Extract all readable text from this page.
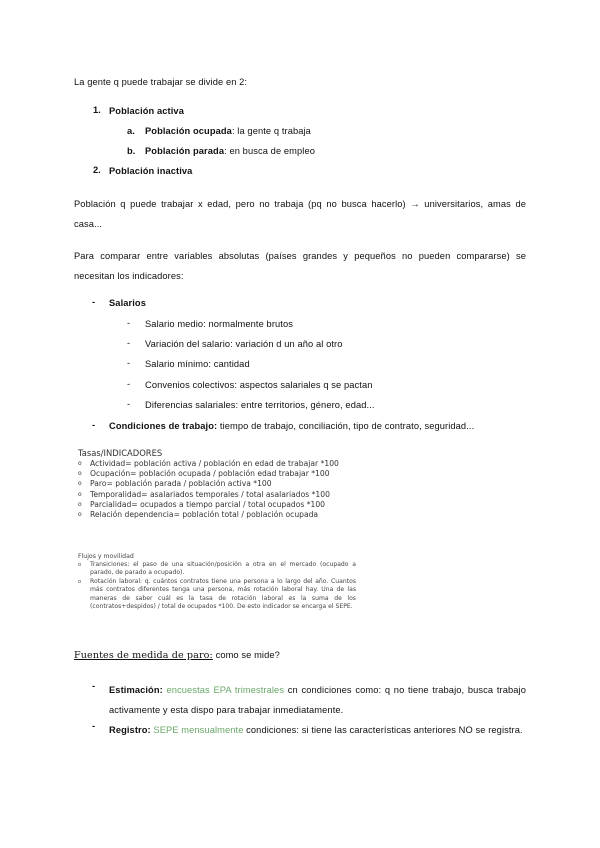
La gente q puede trabajar se divide en 2:
1. Población activa
a. Población ocupada: la gente q trabaja
b. Población parada: en busca de empleo
2. Población inactiva
Población q puede trabajar x edad, pero no trabaja (pq no busca hacerlo) → universitarios, amas de casa...
Para comparar entre variables absolutas (países grandes y pequeños no pueden compararse) se necesitan los indicadores:
- Salarios
- Salario medio: normalmente brutos
- Variación del salario: variación d un año al otro
- Salario mínimo: cantidad
- Convenios colectivos: aspectos salariales q se pactan
- Diferencias salariales: entre territorios, género, edad...
- Condiciones de trabajo: tiempo de trabajo, conciliación, tipo de contrato, seguridad...
Tasas/INDICADORES
o Actividad= población activa / población en edad de trabajar *100
o Ocupación= población ocupada / población edad trabajar *100
o Paro= población parada / población activa *100
o Temporalidad= asalariados temporales / total asalariados *100
o Parcialidad= ocupados a tiempo parcial / total ocupados *100
o Relación dependencia= población total / población ocupada
Flujos y movilidad
o Transiciones: el paso de una situación/posición a otra en el mercado (ocupado a parado, de parado a ocupado).
o Rotación laboral: q. cuántos contratos tiene una persona a lo largo del año. Cuantos más contratos diferentes tenga una persona, más rotación laboral hay. Una de las maneras de saber cuál es la tasa de rotación laboral es la suma de los (contratos+despidos) / total de ocupados *100. De esto indicador se encarga el SEPE.
Fuentes de medida de paro: como se mide?
- Estimación: encuestas EPA trimestrales cn condiciones como: q no tiene trabajo, busca trabajo activamente y esta dispo para trabajar inmediatamente.
- Registro: SEPE mensualmente condiciones: si tiene las características anteriores NO se registra.
